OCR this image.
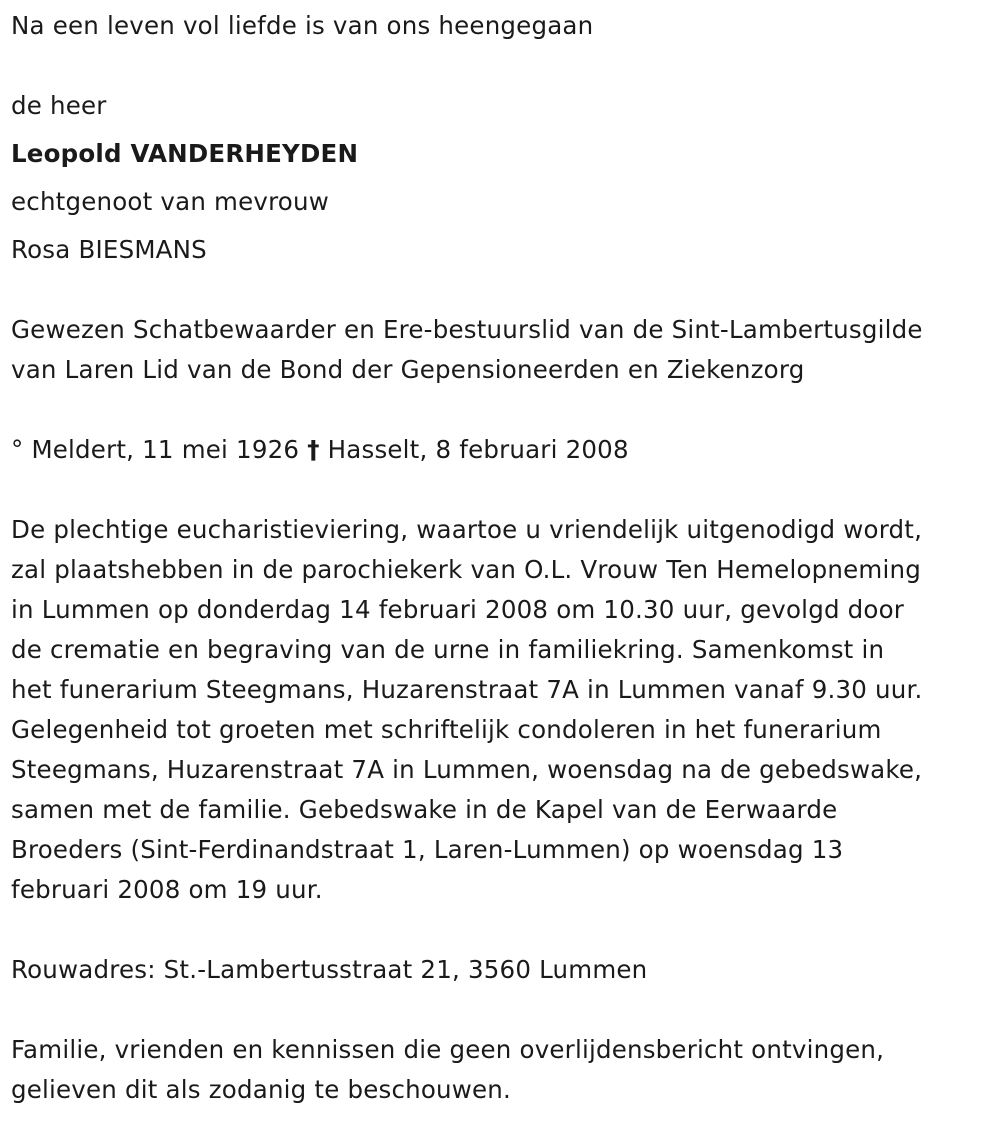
Na een leven vol liefde is van ons heengegaan
de heer
Leopold VANDERHEYDEN
echtgenoot van mevrouw
Rosa BIESMANS
Gewezen Schatbewaarder en Ere-bestuurslid van de Sint-Lambertusgilde
van Laren Lid van de Bond der Gepensioneerden en Ziekenzorg
° Meldert, 11 mei 1926 † Hasselt, 8 februari 2008
De plechtige eucharistieviering, waartoe u vriendelijk uitgenodigd wordt,
zal plaatshebben in de parochiekerk van O.L. Vrouw Ten Hemelopneming
in Lummen op donderdag 14 februari 2008 om 10.30 uur, gevolgd door
de crematie en begraving van de urne in familiekring. Samenkomst in
het funerarium Steegmans, Huzarenstraat 7A in Lummen vanaf 9.30 uur.
Gelegenheid tot groeten met schriftelijk condoleren in het funerarium
Steegmans, Huzarenstraat 7A in Lummen, woensdag na de gebedswake,
samen met de familie. Gebedswake in de Kapel van de Eerwaarde
Broeders (Sint-Ferdinandstraat 1, Laren-Lummen) op woensdag 13
februari 2008 om 19 uur.
Rouwadres: St.-Lambertusstraat 21, 3560 Lummen
Familie, vrienden en kennissen die geen overlijdensbericht ontvingen,
gelieven dit als zodanig te beschouwen.
